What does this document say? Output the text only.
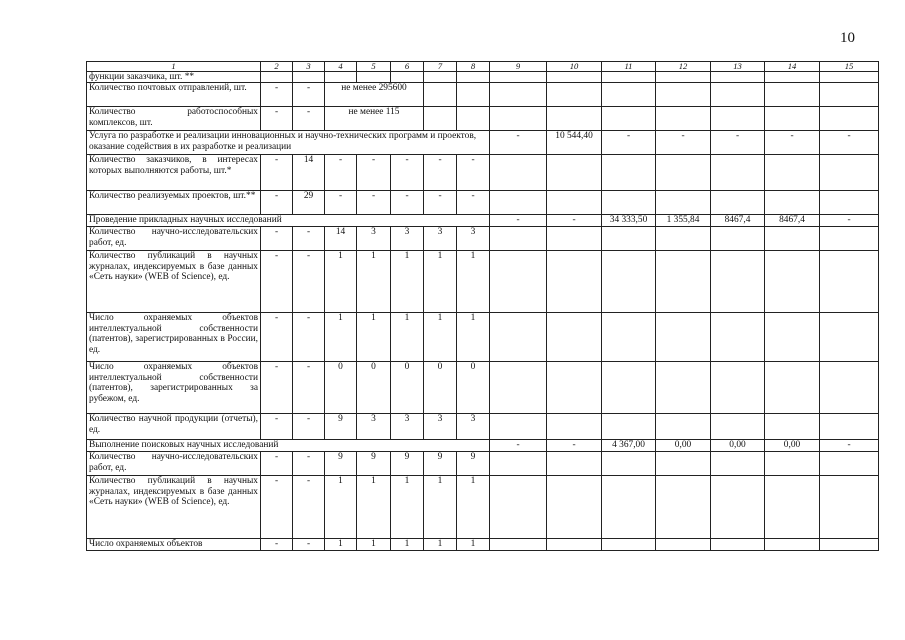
10
1	2	3	4	5	6	7	8	9	10	11	12	13	14	15
функции заказчика, шт. **														
Количество почтовых отправлений, шт.	-	-	не менее 295600											
Количество работоспособных комплексов, шт.	-	-	не менее 115											
Услуга по разработке и реализации инновационных и научно-технических программ и проектов, оказание содействия в их разработке и реализации								-	10 544,40	-	-	-	-	-
Количество заказчиков, в интересах которых выполняются работы, шт.*	-	14	-	-	-	-	-							
Количество реализуемых проектов, шт.**	-	29	-	-	-	-	-							
Проведение прикладных научных исследований								-	-	34 333,50	1 355,84	8467,4	8467,4	-
Количество научно-исследовательских работ, ед.	-	-	14	3	3	3	3							
Количество публикаций в научных журналах, индексируемых в базе данных «Сеть науки» (WEB of Science), ед.	-	-	1	1	1	1	1							
Число охраняемых объектов интеллектуальной собственности (патентов), зарегистрированных в России, ед.	-	-	1	1	1	1	1							
Число охраняемых объектов интеллектуальной собственности (патентов), зарегистрированных за рубежом, ед.	-	-	0	0	0	0	0							
Количество научной продукции (отчеты), ед.	-	-	9	3	3	3	3							
Выполнение поисковых научных исследований								-	-	4 367,00	0,00	0,00	0,00	-
Количество научно-исследовательских работ, ед.	-	-	9	9	9	9	9							
Количество публикаций в научных журналах, индексируемых в базе данных «Сеть науки» (WEB of Science), ед.	-	-	1	1	1	1	1							
Число охраняемых объектов	-	-	1	1	1	1	1							
